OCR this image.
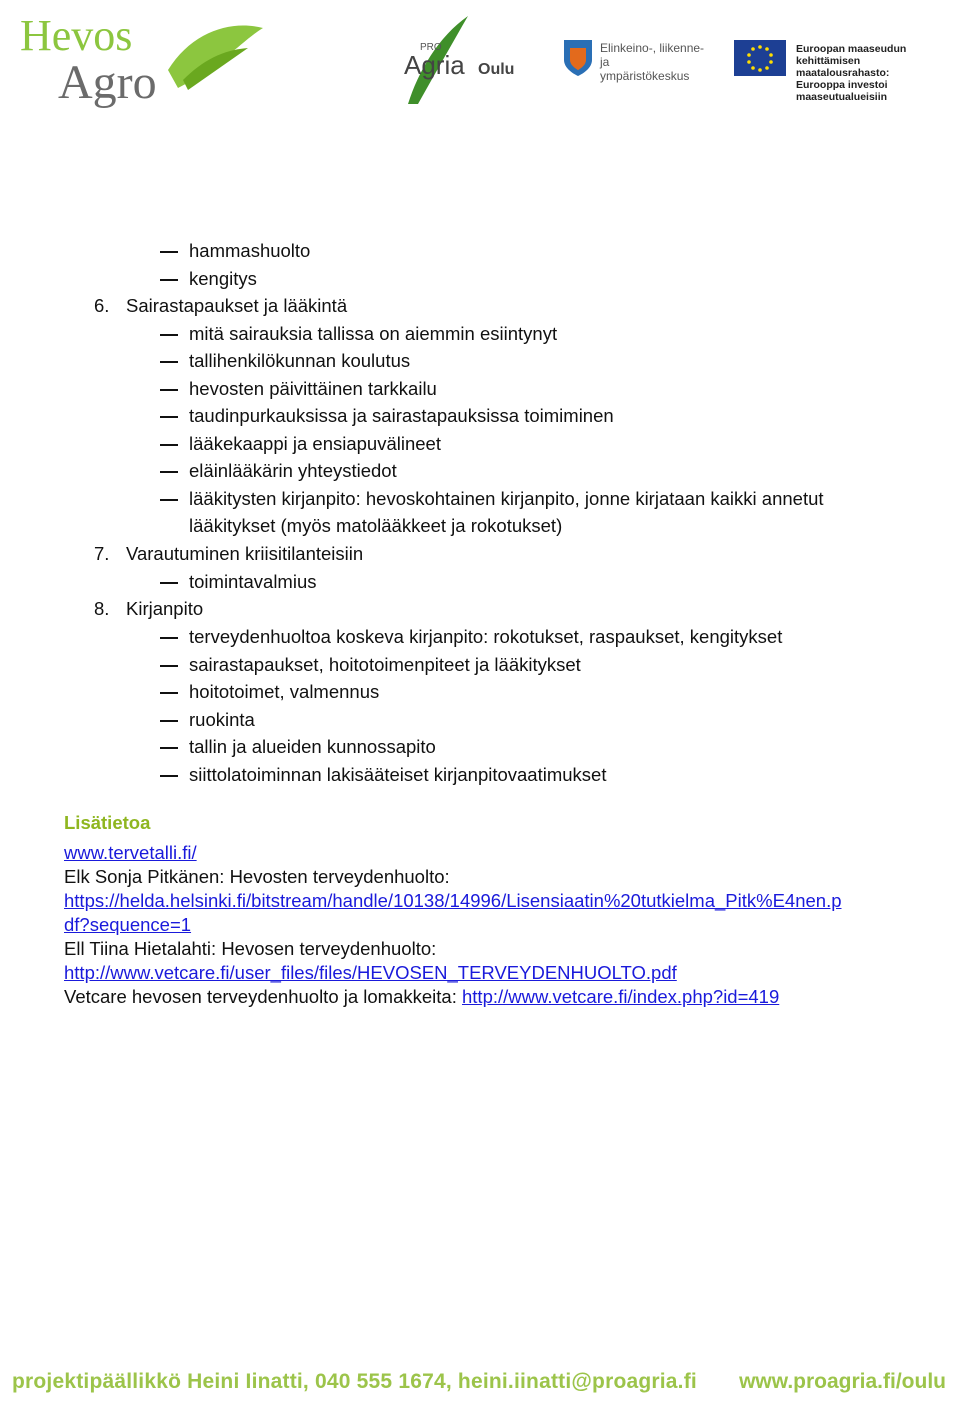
Hevos
Agro
PRO
Agria Oulu
Elinkeino-, liikenne- ja
ympäristökeskus
Euroopan maaseudun
kehittämisen maatalousrahasto:
Eurooppa investoi maaseutualueisiin
hammashuolto
kengitys
6. Sairastapaukset ja lääkintä
mitä sairauksia tallissa on aiemmin esiintynyt
tallihenkilökunnan koulutus
hevosten päivittäinen tarkkailu
taudinpurkauksissa ja sairastapauksissa toimiminen
lääkekaappi ja ensiapuvälineet
eläinlääkärin yhteystiedot
lääkitysten kirjanpito: hevoskohtainen kirjanpito, jonne kirjataan kaikki annetut
lääkitykset (myös matolääkkeet ja rokotukset)
7. Varautuminen kriisitilanteisiin
toimintavalmius
8. Kirjanpito
terveydenhuoltoa koskeva kirjanpito: rokotukset, raspaukset, kengitykset
sairastapaukset, hoitotoimenpiteet ja lääkitykset
hoitotoimet, valmennus
ruokinta
tallin ja alueiden kunnossapito
siittolatoiminnan lakisääteiset kirjanpitovaatimukset
Lisätietoa
www.tervetalli.fi/
Elk Sonja Pitkänen: Hevosten terveydenhuolto:
https://helda.helsinki.fi/bitstream/handle/10138/14996/Lisensiaatin%20tutkielma_Pitk%E4nen.p
df?sequence=1
Ell Tiina Hietalahti: Hevosen terveydenhuolto:
http://www.vetcare.fi/user_files/files/HEVOSEN_TERVEYDENHUOLTO.pdf
Vetcare hevosen terveydenhuolto ja lomakkeita: http://www.vetcare.fi/index.php?id=419
projektipäällikkö Heini Iinatti, 040 555 1674, heini.iinatti@proagria.fi www.proagria.fi/oulu
